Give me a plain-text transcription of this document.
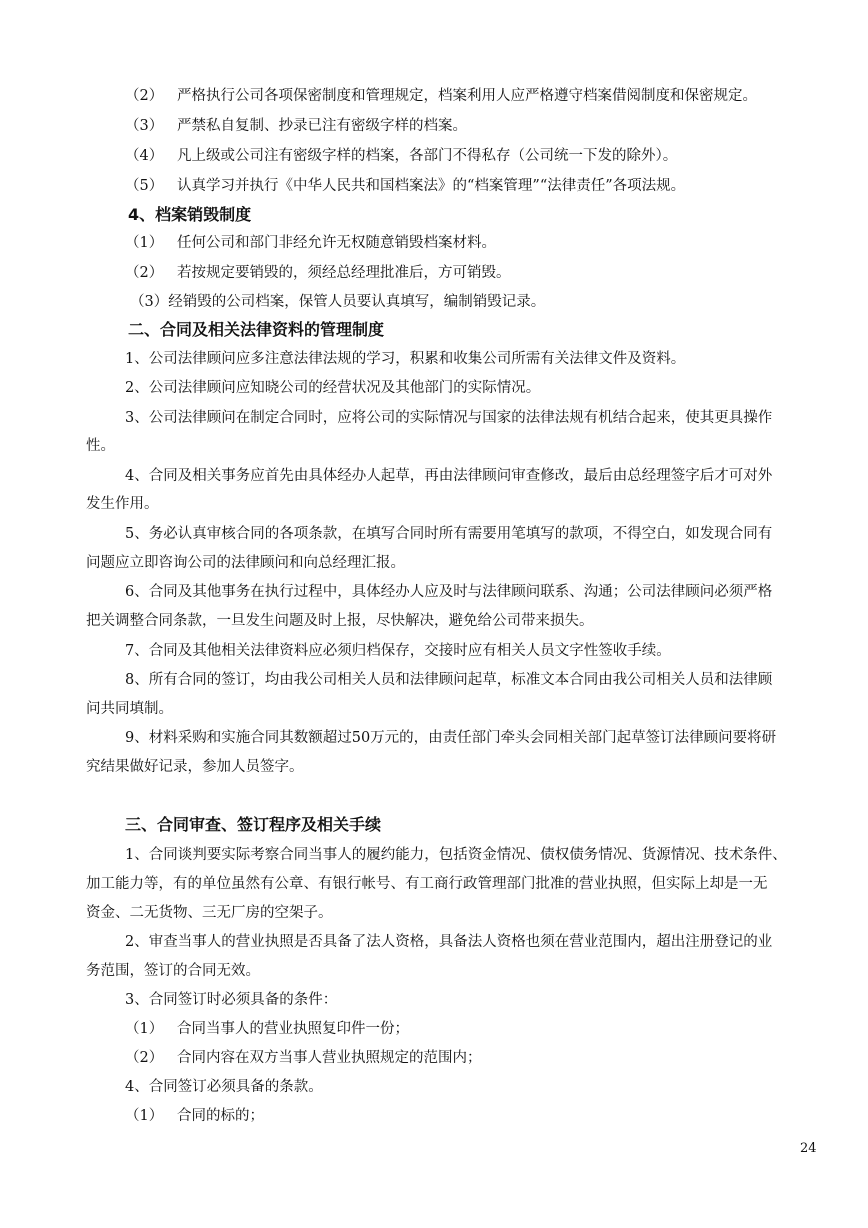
（2） 严格执行公司各项保密制度和管理规定，档案利用人应严格遵守档案借阅制度和保密规定。
（3） 严禁私自复制、抄录已注有密级字样的档案。
（4） 凡上级或公司注有密级字样的档案，各部门不得私存（公司统一下发的除外）。
（5） 认真学习并执行《中华人民共和国档案法》的“档案管理”“法律责任”各项法规。
4、档案销毁制度
（1） 任何公司和部门非经允许无权随意销毁档案材料。
（2） 若按规定要销毁的，须经总经理批准后，方可销毁。
（3）经销毁的公司档案，保管人员要认真填写，编制销毁记录。
二、合同及相关法律资料的管理制度
1、公司法律顾问应多注意法律法规的学习，积累和收集公司所需有关法律文件及资料。
2、公司法律顾问应知晓公司的经营状况及其他部门的实际情况。
3、公司法律顾问在制定合同时，应将公司的实际情况与国家的法律法规有机结合起来，使其更具操作
性。
4、合同及相关事务应首先由具体经办人起草，再由法律顾问审查修改，最后由总经理签字后才可对外
发生作用。
5、务必认真审核合同的各项条款，在填写合同时所有需要用笔填写的款项，不得空白，如发现合同有
问题应立即咨询公司的法律顾问和向总经理汇报。
6、合同及其他事务在执行过程中，具体经办人应及时与法律顾问联系、沟通；公司法律顾问必须严格
把关调整合同条款，一旦发生问题及时上报，尽快解决，避免给公司带来损失。
7、合同及其他相关法律资料应必须归档保存，交接时应有相关人员文字性签收手续。
8、所有合同的签订，均由我公司相关人员和法律顾问起草，标准文本合同由我公司相关人员和法律顾
问共同填制。
9、材料采购和实施合同其数额超过50万元的，由责任部门牵头会同相关部门起草签订法律顾问要将研
究结果做好记录，参加人员签字。
三、合同审查、签订程序及相关手续
1、合同谈判要实际考察合同当事人的履约能力，包括资金情况、债权债务情况、货源情况、技术条件、
加工能力等，有的单位虽然有公章、有银行帐号、有工商行政管理部门批准的营业执照，但实际上却是一无
资金、二无货物、三无厂房的空架子。
2、审查当事人的营业执照是否具备了法人资格，具备法人资格也须在营业范围内，超出注册登记的业
务范围，签订的合同无效。
3、合同签订时必须具备的条件：
（1） 合同当事人的营业执照复印件一份；
（2） 合同内容在双方当事人营业执照规定的范围内；
4、合同签订必须具备的条款。
（1） 合同的标的；
24
